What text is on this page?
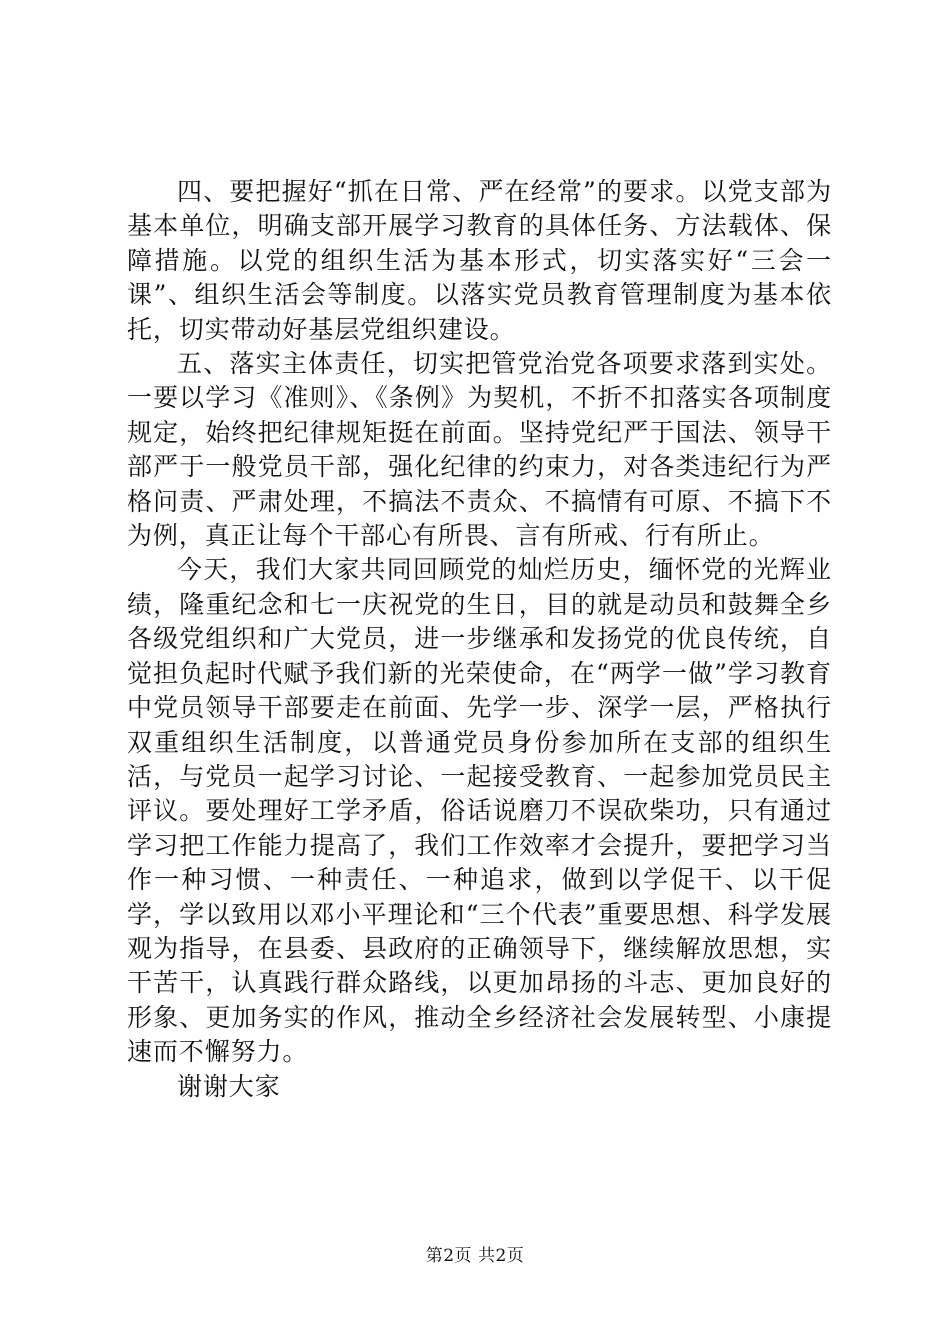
四、要把握好“抓在日常、严在经常”的要求。以党支部为基本单位，明确支部开展学习教育的具体任务、方法载体、保障措施。以党的组织生活为基本形式，切实落实好“三会一课”、组织生活会等制度。以落实党员教育管理制度为基本依托，切实带动好基层党组织建设。

五、落实主体责任，切实把管党治党各项要求落到实处。一要以学习《准则》、《条例》为契机，不折不扣落实各项制度规定，始终把纪律规矩挺在前面。坚持党纪严于国法、领导干部严于一般党员干部，强化纪律的约束力，对各类违纪行为严格问责、严肃处理，不搞法不责众、不搞情有可原、不搞下不为例，真正让每个干部心有所畏、言有所戒、行有所止。

今天，我们大家共同回顾党的灿烂历史，缅怀党的光辉业绩，隆重纪念和七一庆祝党的生日，目的就是动员和鼓舞全乡各级党组织和广大党员，进一步继承和发扬党的优良传统，自觉担负起时代赋予我们新的光荣使命，在“两学一做”学习教育中党员领导干部要走在前面、先学一步、深学一层，严格执行双重组织生活制度，以普通党员身份参加所在支部的组织生活，与党员一起学习讨论、一起接受教育、一起参加党员民主评议。要处理好工学矛盾，俗话说磨刀不误砍柴功，只有通过学习把工作能力提高了，我们工作效率才会提升，要把学习当作一种习惯、一种责任、一种追求，做到以学促干、以干促学，学以致用以邓小平理论和“三个代表”重要思想、科学发展观为指导，在县委、县政府的正确领导下，继续解放思想，实干苦干，认真践行群众路线，以更加昂扬的斗志、更加良好的形象、更加务实的作风，推动全乡经济社会发展转型、小康提速而不懈努力。

谢谢大家

第2页 共2页
